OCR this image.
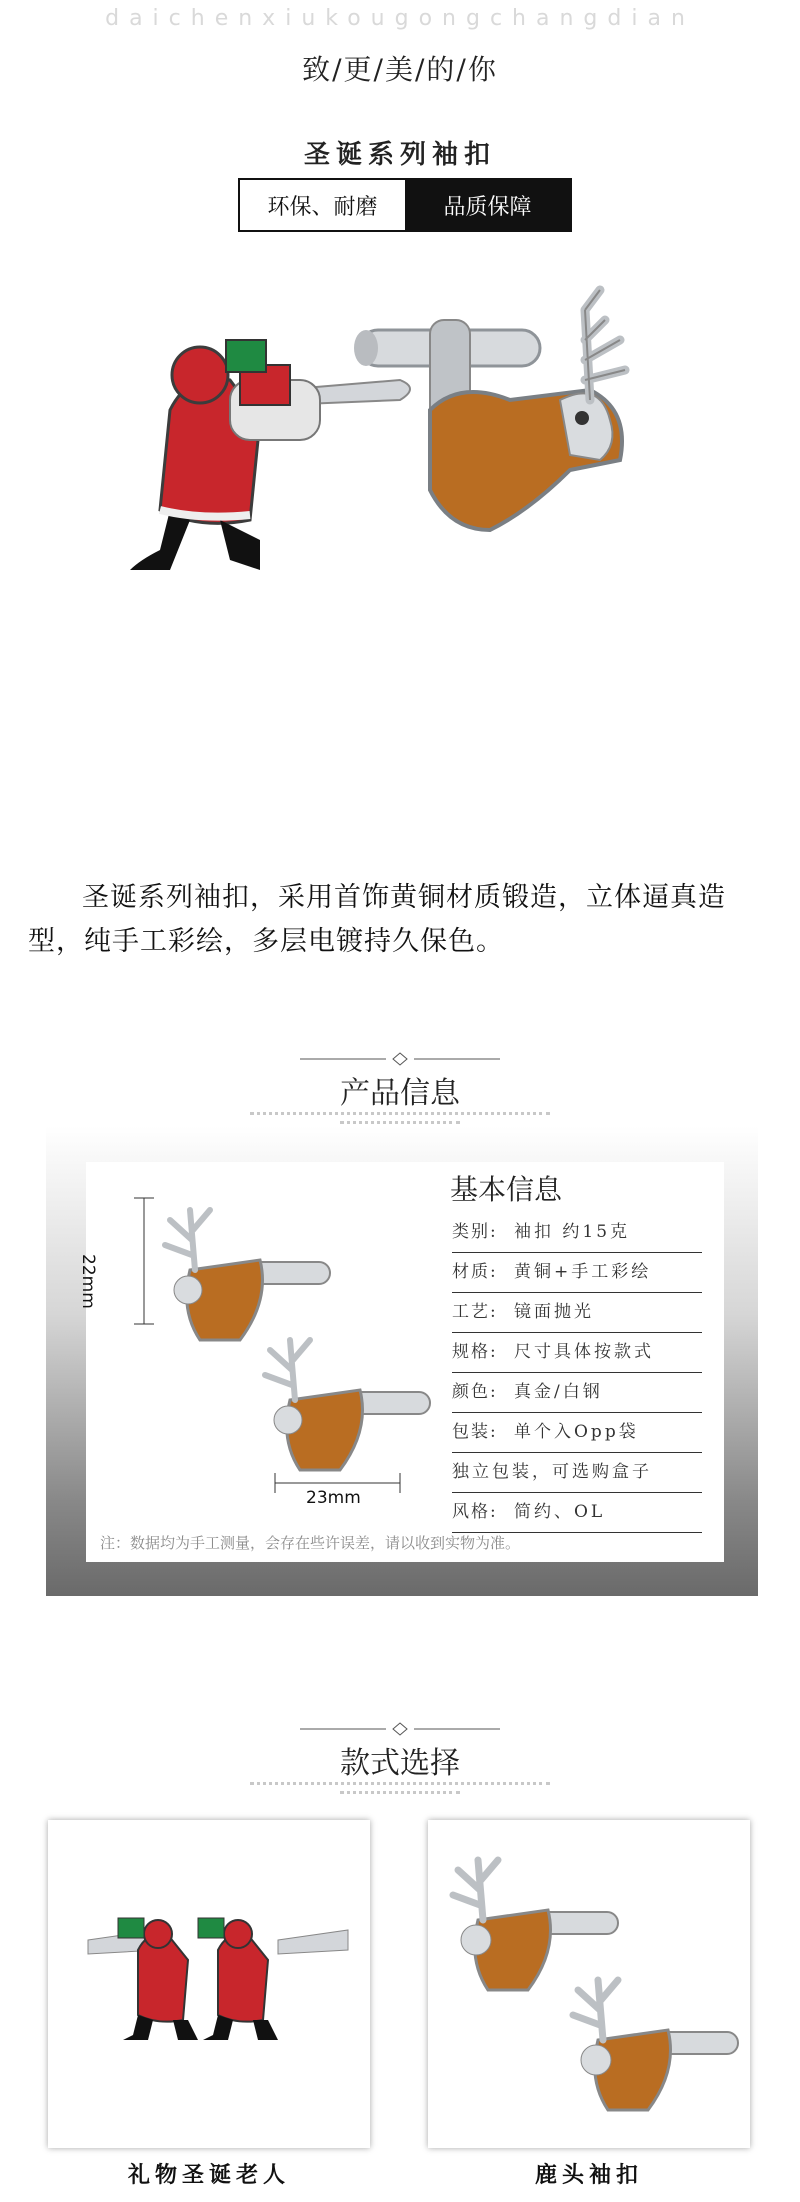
daichenxiukougongchangdian
致/更/美/的/你
圣诞系列袖扣
环保、耐磨	品质保障
圣诞系列袖扣，采用首饰黄铜材质锻造，立体逼真造型，纯手工彩绘，多层电镀持久保色。
产品信息
22mm
23mm
基本信息
类别: 袖扣 约15克
材质: 黄铜+手工彩绘
工艺: 镜面抛光
规格: 尺寸具体按款式
颜色: 真金/白钢
包装: 单个入Opp袋
独立包装，可选购盒子
风格: 简约、OL
注：数据均为手工测量，会存在些许误差，请以收到实物为准。
款式选择
礼物圣诞老人	鹿头袖扣
